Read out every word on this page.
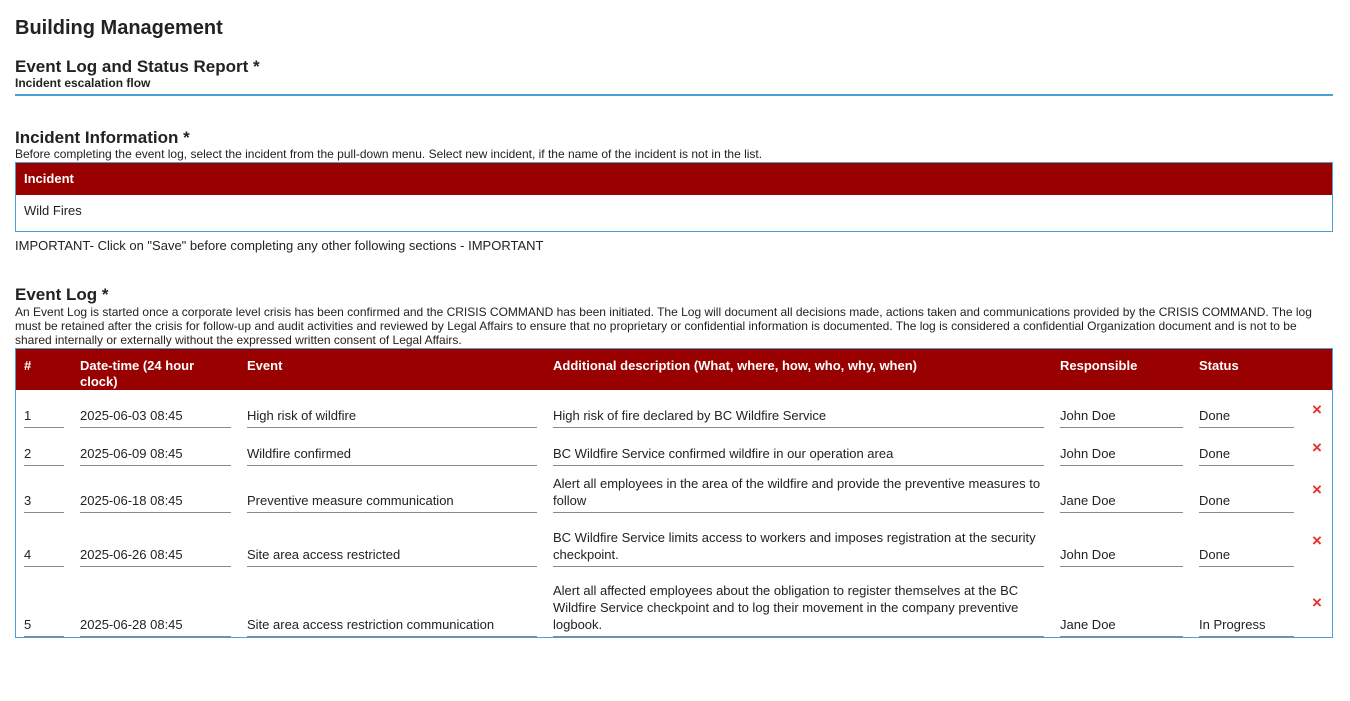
Building Management
Event Log and Status Report *
Incident escalation flow
Incident Information *
Before completing the event log, select the incident from the pull-down menu. Select new incident, if the name of the incident is not in the list.
Incident
Wild Fires
IMPORTANT- Click on "Save" before completing any other following sections - IMPORTANT
Event Log *
An Event Log is started once a corporate level crisis has been confirmed and the CRISIS COMMAND has been initiated. The Log will document all decisions made, actions taken and communications provided by the CRISIS COMMAND. The log must be retained after the crisis for follow-up and audit activities and reviewed by Legal Affairs to ensure that no proprietary or confidential information is documented. The log is considered a confidential Organization document and is not to be shared internally or externally without the expressed written consent of Legal Affairs.
#	Date-time (24 hour clock)	Event	Additional description (What, where, how, who, why, when)	Responsible	Status	

1	2025-06-03 08:45	High risk of wildfire	High risk of fire declared by BC Wildfire Service	John Doe	Done	×

2	2025-06-09 08:45	Wildfire confirmed	BC Wildfire Service confirmed wildfire in our operation area	John Doe	Done	×

3	2025-06-18 08:45	Preventive measure communication	Alert all employees in the area of the wildfire and provide the preventive measures to follow	Jane Doe	Done	×

4	2025-06-26 08:45	Site area access restricted	BC Wildfire Service limits access to workers and imposes registration at the security checkpoint.	John Doe	Done	×

5	2025-06-28 08:45	Site area access restriction communication	Alert all affected employees about the obligation to register themselves at the BC Wildfire Service checkpoint and to log their movement in the company preventive logbook.	Jane Doe	In Progress	×
